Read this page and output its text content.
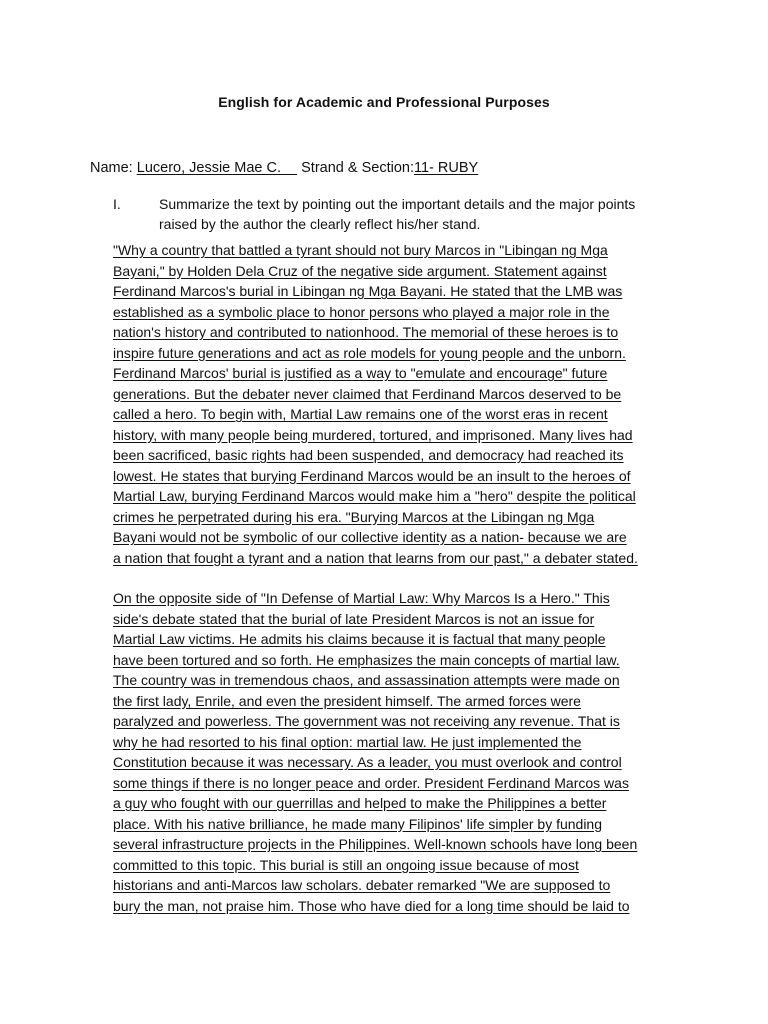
English for Academic and Professional Purposes
Name: Lucero, Jessie Mae C. Strand & Section:11- RUBY
I.	Summarize the text by pointing out the important details and the major points
raised by the author the clearly reflect his/her stand.
"Why a country that battled a tyrant should not bury Marcos in "Libingan ng Mga
Bayani," by Holden Dela Cruz of the negative side argument. Statement against
Ferdinand Marcos's burial in Libingan ng Mga Bayani. He stated that the LMB was
established as a symbolic place to honor persons who played a major role in the
nation's history and contributed to nationhood. The memorial of these heroes is to
inspire future generations and act as role models for young people and the unborn.
Ferdinand Marcos' burial is justified as a way to "emulate and encourage" future
generations. But the debater never claimed that Ferdinand Marcos deserved to be
called a hero. To begin with, Martial Law remains one of the worst eras in recent
history, with many people being murdered, tortured, and imprisoned. Many lives had
been sacrificed, basic rights had been suspended, and democracy had reached its
lowest. He states that burying Ferdinand Marcos would be an insult to the heroes of
Martial Law, burying Ferdinand Marcos would make him a "hero" despite the political
crimes he perpetrated during his era. "Burying Marcos at the Libingan ng Mga
Bayani would not be symbolic of our collective identity as a nation- because we are
a nation that fought a tyrant and a nation that learns from our past," a debater stated.
On the opposite side of "In Defense of Martial Law: Why Marcos Is a Hero." This
side's debate stated that the burial of late President Marcos is not an issue for
Martial Law victims. He admits his claims because it is factual that many people
have been tortured and so forth. He emphasizes the main concepts of martial law.
The country was in tremendous chaos, and assassination attempts were made on
the first lady, Enrile, and even the president himself. The armed forces were
paralyzed and powerless. The government was not receiving any revenue. That is
why he had resorted to his final option: martial law. He just implemented the
Constitution because it was necessary. As a leader, you must overlook and control
some things if there is no longer peace and order. President Ferdinand Marcos was
a guy who fought with our guerrillas and helped to make the Philippines a better
place. With his native brilliance, he made many Filipinos' life simpler by funding
several infrastructure projects in the Philippines. Well-known schools have long been
committed to this topic. This burial is still an ongoing issue because of most
historians and anti-Marcos law scholars. debater remarked "We are supposed to
bury the man, not praise him. Those who have died for a long time should be laid to
